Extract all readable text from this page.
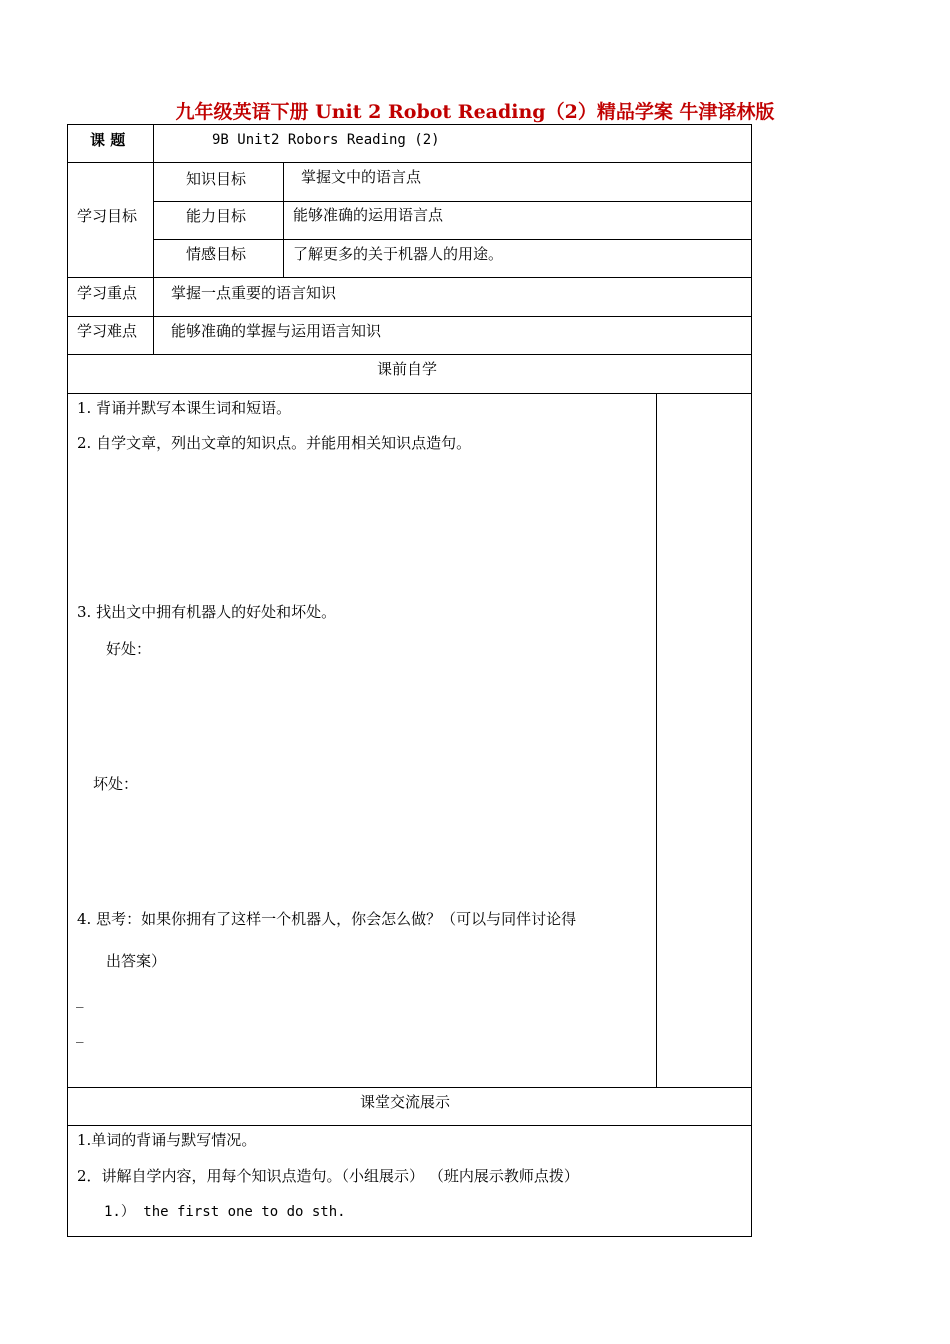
九年级英语下册 Unit 2 Robot Reading（2）精品学案 牛津译林版
课 题	9B Unit2 Robors Reading (2)
学习目标
知识目标	掌握文中的语言点
能力目标	能够准确的运用语言点
情感目标	了解更多的关于机器人的用途。
学习重点 掌握一点重要的语言知识
学习难点 能够准确的掌握与运用语言知识
课前自学
1. 背诵并默写本课生词和短语。
2. 自学文章，列出文章的知识点。并能用相关知识点造句。
3. 找出文中拥有机器人的好处和坏处。
好处：
坏处：
4. 思考：如果你拥有了这样一个机器人，你会怎么做？（可以与同伴讨论得
出答案）
_
_
课堂交流展示
1.单词的背诵与默写情况。
2．讲解自学内容，用每个知识点造句。（小组展示） （班内展示教师点拨）
1.） the first one to do sth.
